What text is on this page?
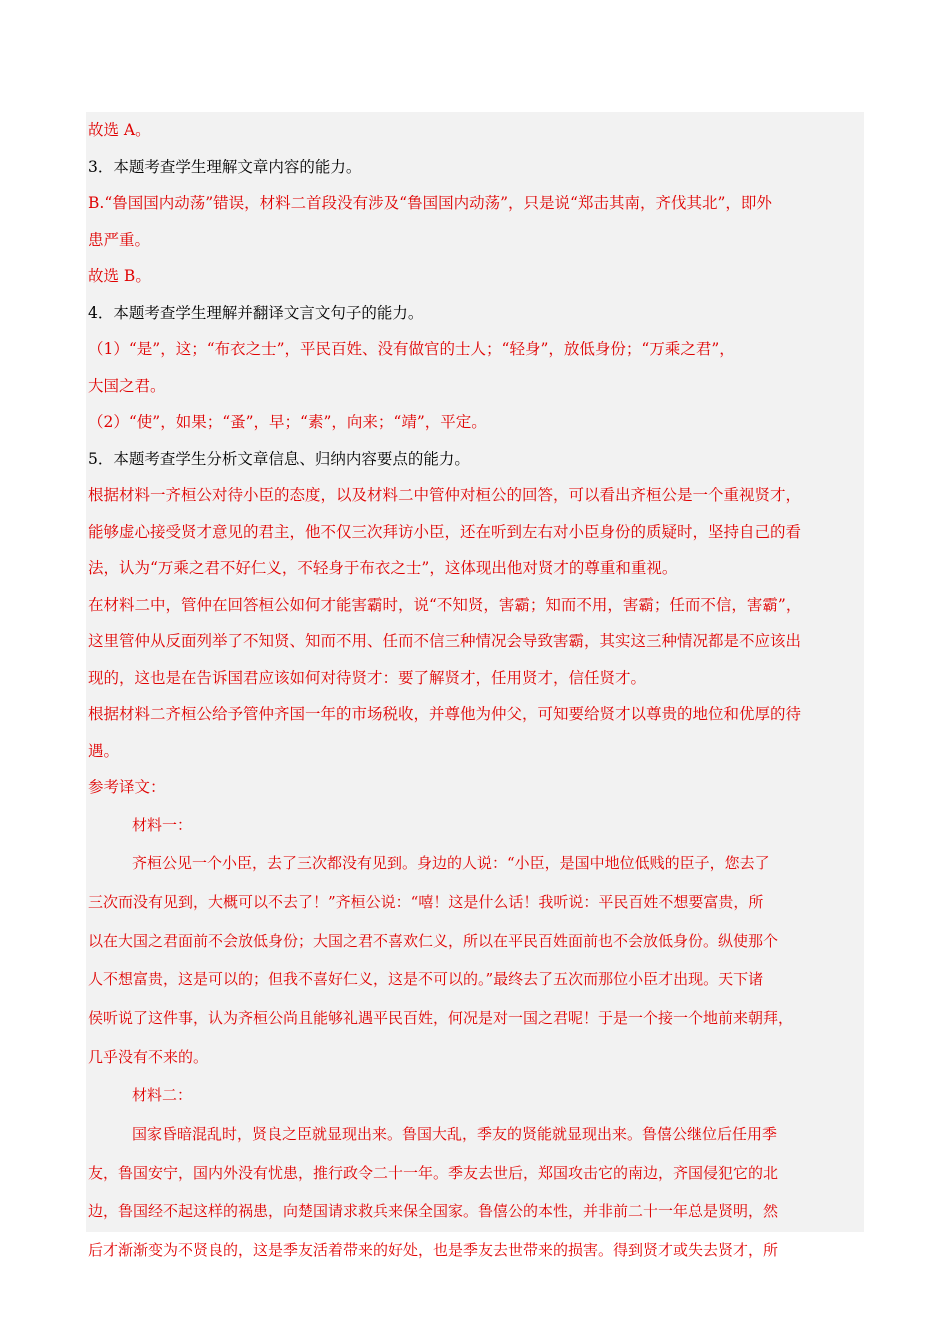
故选 A。
3．本题考查学生理解文章内容的能力。
B.“鲁国国内动荡”错误，材料二首段没有涉及“鲁国国内动荡”，只是说“郑击其南，齐伐其北”，即外
患严重。
故选 B。
4．本题考查学生理解并翻译文言文句子的能力。
（1）“是”，这；“布衣之士”，平民百姓、没有做官的士人；“轻身”，放低身份；“万乘之君”，
大国之君。
（2）“使”，如果；“蚤”，早；“素”，向来；“靖”，平定。
5．本题考查学生分析文章信息、归纳内容要点的能力。
根据材料一齐桓公对待小臣的态度，以及材料二中管仲对桓公的回答，可以看出齐桓公是一个重视贤才，
能够虚心接受贤才意见的君主，他不仅三次拜访小臣，还在听到左右对小臣身份的质疑时，坚持自己的看
法，认为“万乘之君不好仁义，不轻身于布衣之士”，这体现出他对贤才的尊重和重视。
在材料二中，管仲在回答桓公如何才能害霸时，说“不知贤，害霸；知而不用，害霸；任而不信，害霸”，
这里管仲从反面列举了不知贤、知而不用、任而不信三种情况会导致害霸，其实这三种情况都是不应该出
现的，这也是在告诉国君应该如何对待贤才：要了解贤才，任用贤才，信任贤才。
根据材料二齐桓公给予管仲齐国一年的市场税收，并尊他为仲父，可知要给贤才以尊贵的地位和优厚的待
遇。
参考译文：
材料一：
齐桓公见一个小臣，去了三次都没有见到。身边的人说：“小臣，是国中地位低贱的臣子，您去了
三次而没有见到，大概可以不去了！”齐桓公说：“嘻！这是什么话！我听说：平民百姓不想要富贵，所
以在大国之君面前不会放低身份；大国之君不喜欢仁义，所以在平民百姓面前也不会放低身份。纵使那个
人不想富贵，这是可以的；但我不喜好仁义，这是不可以的。”最终去了五次而那位小臣才出现。天下诸
侯听说了这件事，认为齐桓公尚且能够礼遇平民百姓，何况是对一国之君呢！于是一个接一个地前来朝拜，
几乎没有不来的。
材料二：
国家昏暗混乱时，贤良之臣就显现出来。鲁国大乱，季友的贤能就显现出来。鲁僖公继位后任用季
友，鲁国安宁，国内外没有忧患，推行政令二十一年。季友去世后，郑国攻击它的南边，齐国侵犯它的北
边，鲁国经不起这样的祸患，向楚国请求救兵来保全国家。鲁僖公的本性，并非前二十一年总是贤明，然
后才渐渐变为不贤良的，这是季友活着带来的好处，也是季友去世带来的损害。得到贤才或失去贤才，所
